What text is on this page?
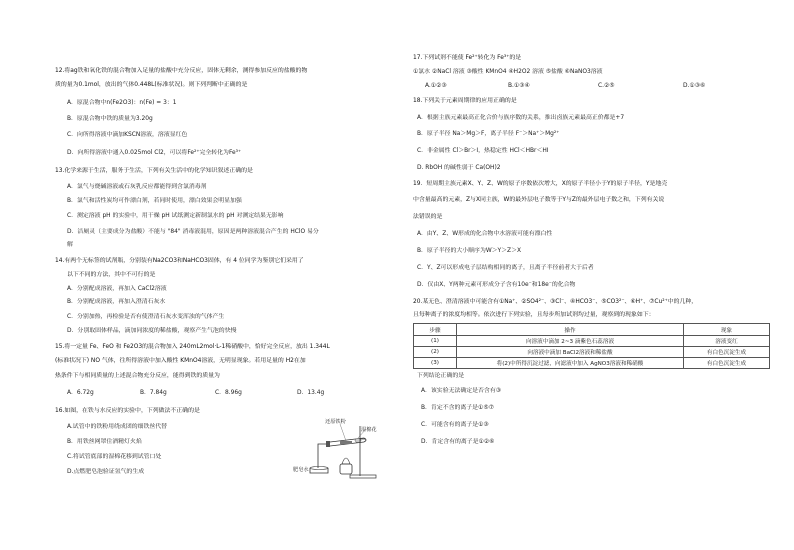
12.将ag铁和氧化铁的混合物加入足量的盐酸中充分反应，固体无剩余，测得参加反应的盐酸的物
质的量为0.1mol，放出的气体0.448L(标准状况)。则下列判断中正确的是
A．原混合物中n(Fe2O3)：n(Fe) = 3：1
B．原混合物中铁的质量为3.20g
C．向所得溶液中滴加KSCN溶液，溶液显红色
D．向所得溶液中通入0.025mol Cl2，可以将Fe²⁺完全转化为Fe³⁺
13.化学来源于生活，服务于生活，下列有关生活中的化学知识叙述正确的是
A．氯气与烧碱溶液或石灰乳反应都能得到含氯消毒剂
B．氯气和活性炭均可作漂白剂，若同时使用，漂白效果会明显加强
C．测定溶液 pH 的实验中，用干燥 pH 试纸测定新制氯水的 pH 对测定结果无影响
D．洁厕灵（主要成分为盐酸）不能与 "84" 消毒液混用，原因是两种溶液混合产生的 HClO 易分
解
14.有两个无标签的试剂瓶，分别装有Na2CO3和NaHCO3固体，有 4 位同学为鉴别它们采用了
以下不同的方法，其中不可行的是
A．分别配成溶液，再加入 CaCl2溶液
B．分别配成溶液，再加入澄清石灰水
C．分别加热，再检验是否有使澄清石灰水变浑浊的气体产生
D．分别取固体样品，滴加同浓度的稀盐酸，观察产生气泡的快慢
15.将一定量 Fe、FeO 和 Fe2O3的混合物加入 240mL2mol·L-1稀硝酸中，恰好完全反应，放出 1.344L
(标准状况下) NO 气体，往所得溶液中加入酸性 KMnO4溶液，无明显现象。若用足量的 H2在加
热条件下与相同质量的上述混合物充分反应，能得到铁的质量为
A．6.72g	B．7.84g	C．8.96g	D．13.4g
16.如图，在铁与水反应的实验中，下列做法不正确的是
A.试管中的铁粉用绕成团的细铁丝代替
B．用铁丝网罩住酒精灯火焰
C.将试管底部的湿棉花移到试管口处
D.点燃肥皂泡验证氢气的生成
还原铁粉
湿棉花
肥皂水
17.下列试剂不能使 Fe²⁺转化为 Fe³⁺的是
①氯水 ②NaCl 溶液 ③酸性 KMnO4 ④H2O2 溶液 ⑤盐酸 ⑥NaNO3溶液
A.①②③	B.①③④	C.②⑤	D.①③⑥
18.下列关于元素周期律的应用正确的是
A．根据主族元素最高正化合价与族序数的关系，推出卤族元素最高正价都是+7
B．原子半径 Na＞Mg＞F，离子半径 F⁻＞Na⁺＞Mg²⁺
C．非金属性 Cl＞Br＞I，热稳定性 HCl＜HBr＜HI
D. RbOH 的碱性弱于 Ca(OH)2
19．短周期主族元素X、Y、Z、W的原子序数依次增大，X的原子半径小于Y的原子半径，Y是地壳
中含量最高的元素，Z与X同主族，W的最外层电子数等于Y与Z的最外层电子数之和，下列有关说
法错误的是
A．由Y、Z、W形成的化合物中水溶液可能有漂白性
B．原子半径的大小顺序为W＞Y＞Z＞X
C．Y、Z可以形成电子层结构相同的离子，且离子半径前者大于后者
D．仅由X、Y两种元素可形成分子含有10e⁻和18e⁻的化合物
20.某无色、澄清溶液中可能含有①Na⁺、②SO4²⁻、③Cl⁻、④HCO3⁻、⑤CO3²⁻、⑥H⁺、⑦Cu²⁺中的几种，
且每种离子的浓度均相等。依次进行下列实验，且每步所加试剂均过量，观察到的现象如下：
步骤	操作	现象
(1)	向溶液中滴加 2~3 滴紫色石蕊溶液	溶液变红
(2)	向溶液中滴加 BaCl2溶液和稀盐酸	有白色沉淀生成
(3)	将(2)中所得沉淀过滤，向滤液中加入 AgNO3溶液和稀硝酸	有白色沉淀生成
下列结论正确的是
A．该实验无法确定是否含有③
B．肯定不含的离子是①⑤⑦
C．可能含有的离子是①③
D．肯定含有的离子是①②⑥
